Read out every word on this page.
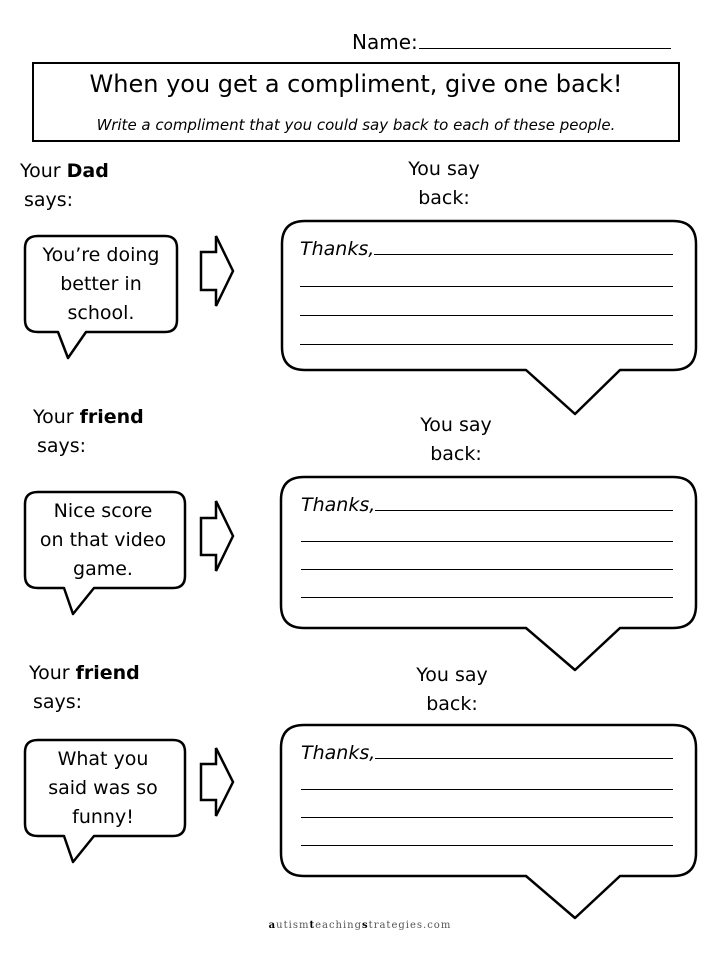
Name:
When you get a compliment, give one back!
Write a compliment that you could say back to each of these people.
Your Dad
says:
You say
back:
You’re doing
better in
school.
Thanks,
Your friend
says:
You say
back:
Nice score
on that video
game.
Thanks,
Your friend
says:
You say
back:
What you
said was so
funny!
Thanks,
autismteachingstrategies.com
